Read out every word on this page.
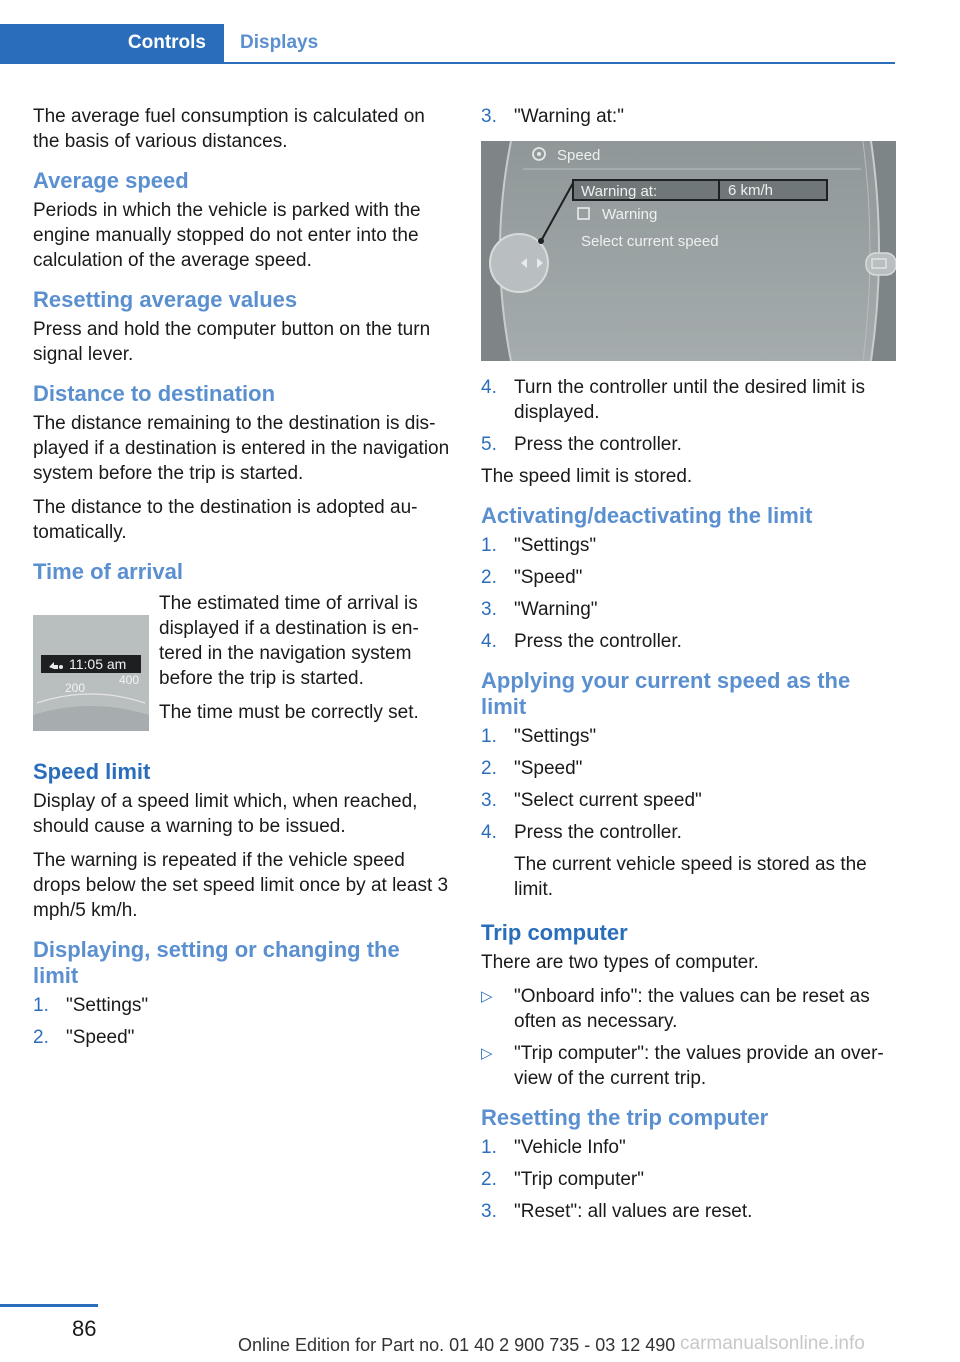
Controls	Displays

The average fuel consumption is calculated on the basis of various distances.

Average speed

Periods in which the vehicle is parked with the engine manually stopped do not enter into the calculation of the average speed.

Resetting average values

Press and hold the computer button on the turn signal lever.

Distance to destination

The distance remaining to the destination is displayed if a destination is entered in the navigation system before the trip is started.

The distance to the destination is adopted automatically.

Time of arrival
11:05 am
200
400

The estimated time of arrival is displayed if a destination is entered in the navigation system before the trip is started.

The time must be correctly set.

Speed limit

Display of a speed limit which, when reached, should cause a warning to be issued.

The warning is repeated if the vehicle speed drops below the set speed limit once by at least 3 mph/5 km/h.

Displaying, setting or changing the limit
1. "Settings"
2. "Speed"
3. "Warning at:"
Speed
Warning at:	6 km/h
Warning
Select current speed
4. Turn the controller until the desired limit is displayed.
5. Press the controller.

The speed limit is stored.

Activating/deactivating the limit
1. "Settings"
2. "Speed"
3. "Warning"
4. Press the controller.
Applying your current speed as the limit
1. "Settings"
2. "Speed"
3. "Select current speed"
4. Press the controller.

The current vehicle speed is stored as the limit.

Trip computer

There are two types of computer.

▷ "Onboard info": the values can be reset as often as necessary.
▷ "Trip computer": the values provide an overview of the current trip.
Resetting the trip computer
1. "Vehicle Info"
2. "Trip computer"
3. "Reset": all values are reset.
86
Online Edition for Part no. 01 40 2 900 735 - 03 12 490 carmanualsonline.info
